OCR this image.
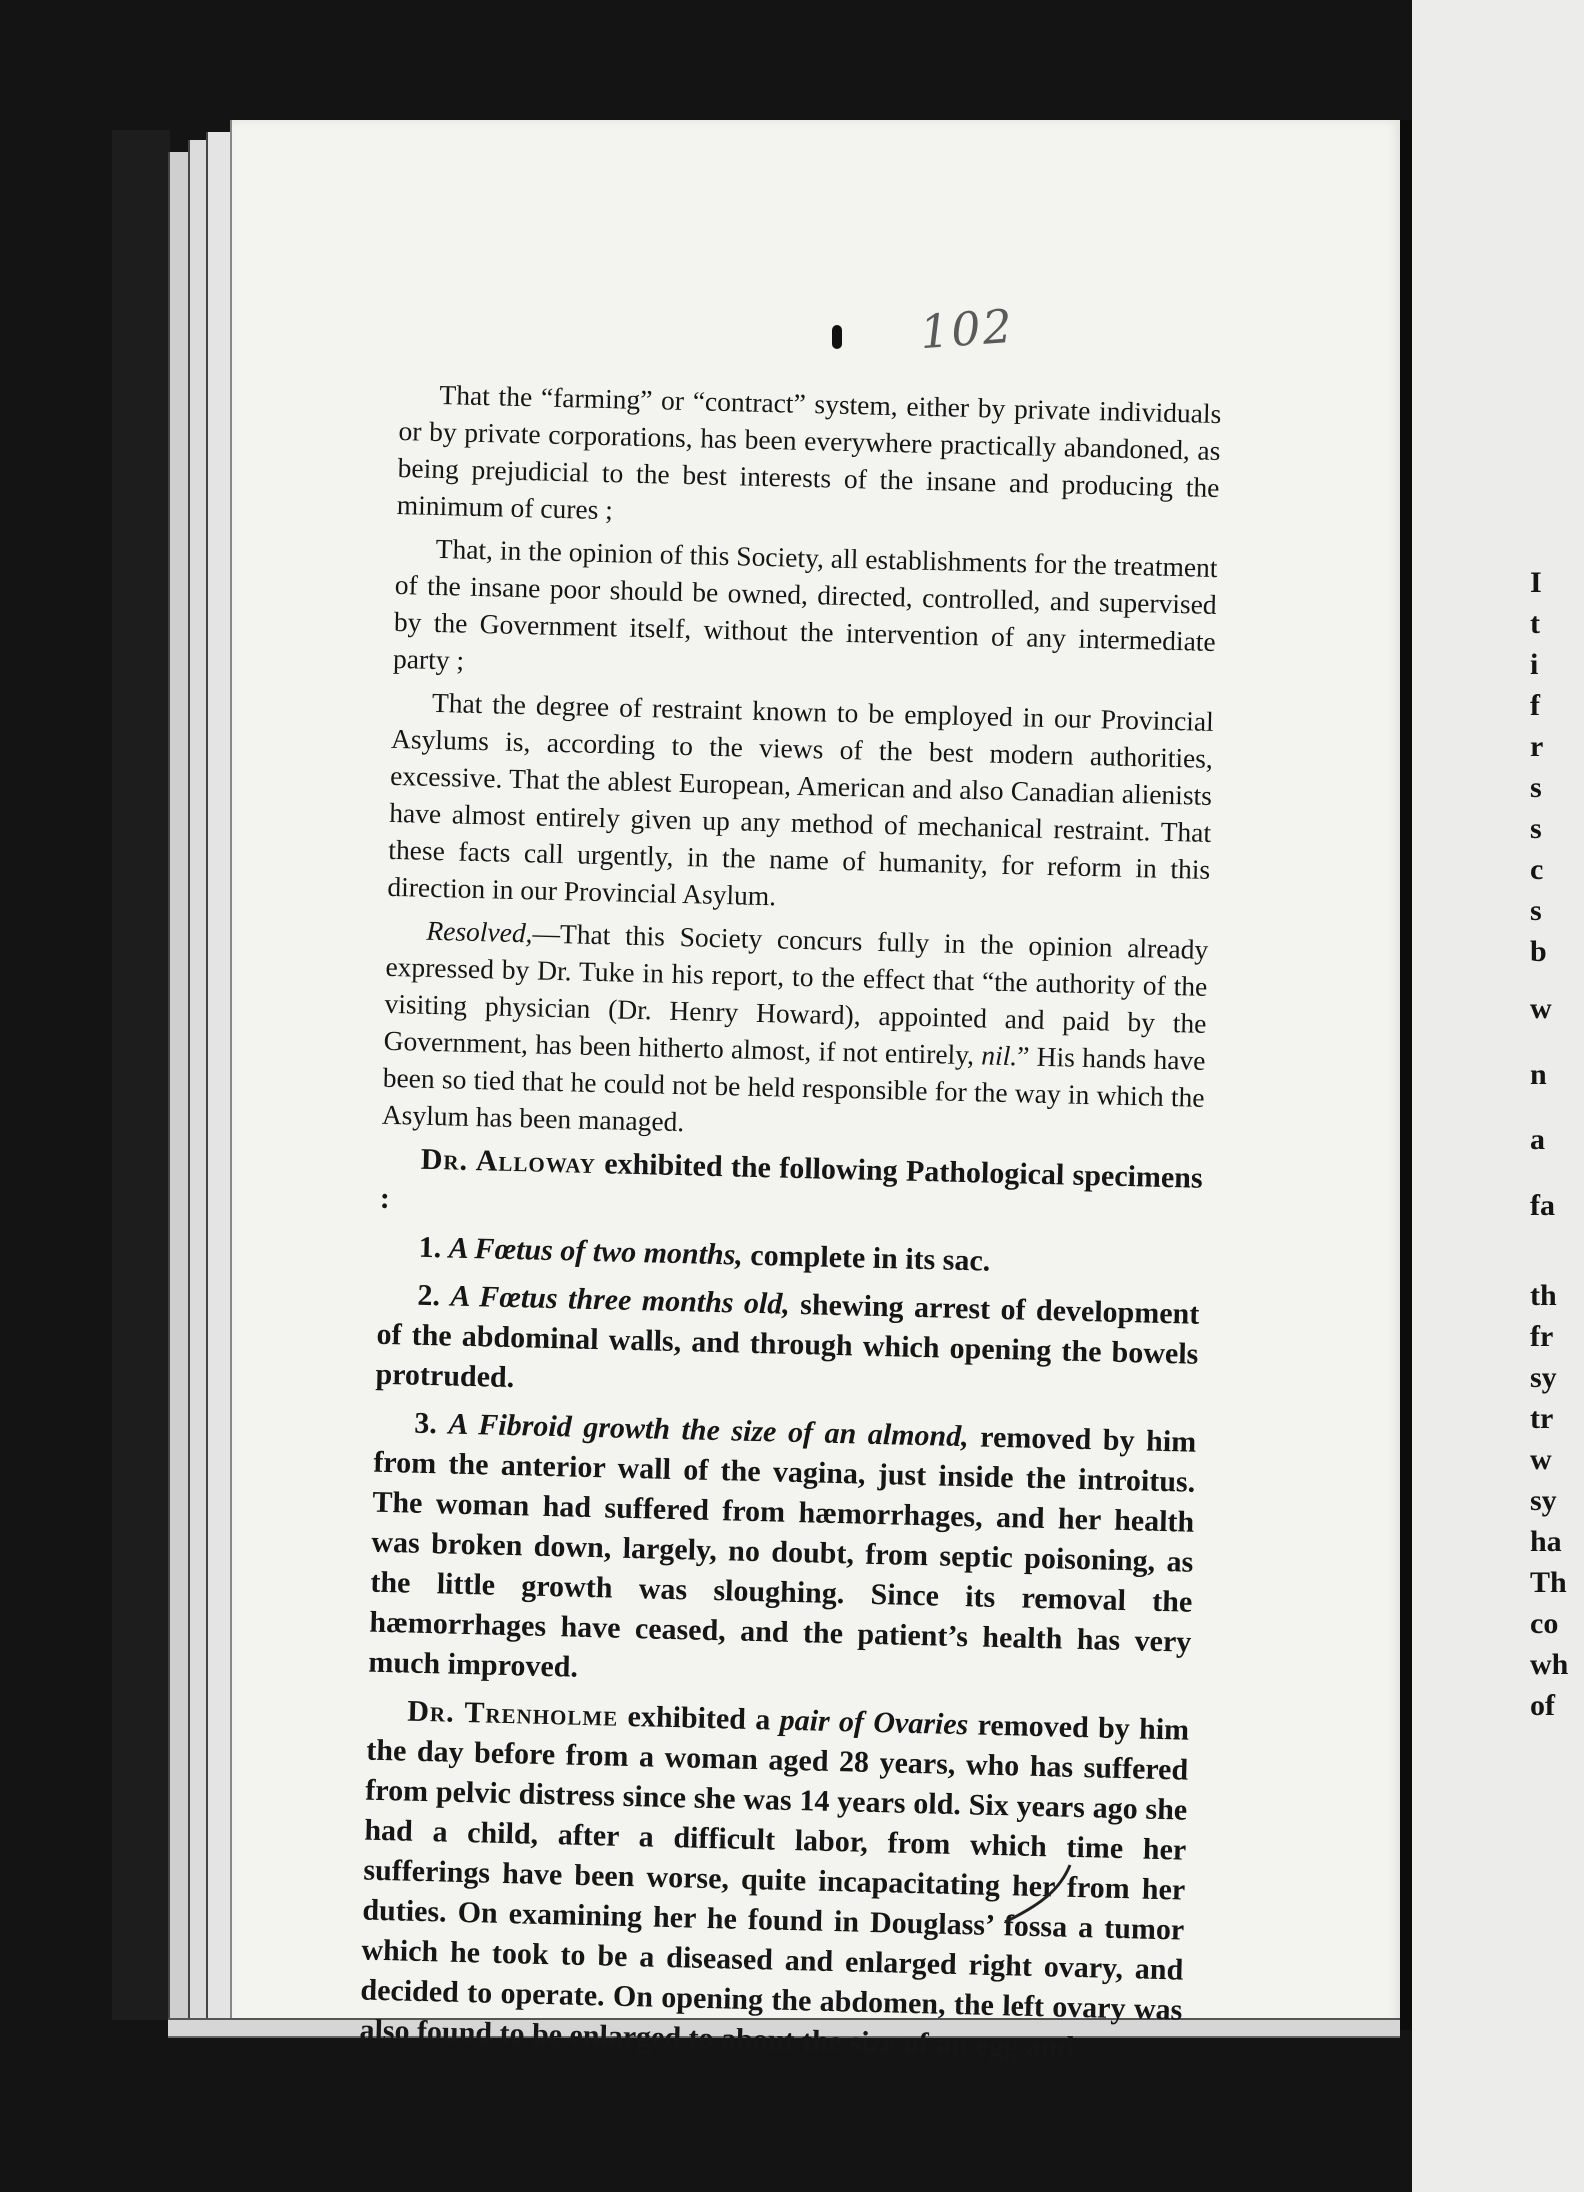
I
t
i
f
r
s
s
c
s
b
w
n
a
fa
th
fr
sy
tr
w
sy
ha
Th
co
wh
of
102

That the “farming” or “contract” system, either by private individuals or by private corporations, has been everywhere practically abandoned, as being prejudicial to the best interests of the insane and producing the minimum of cures ;

That, in the opinion of this Society, all establishments for the treatment of the insane poor should be owned, directed, controlled, and supervised by the Government itself, without the intervention of any intermediate party ;

That the degree of restraint known to be employed in our Provincial Asylums is, according to the views of the best modern authorities, excessive. That the ablest European, American and also Canadian alienists have almost entirely given up any method of mechanical restraint. That these facts call urgently, in the name of humanity, for reform in this direction in our Provincial Asylum.

Resolved,—That this Society concurs fully in the opinion already expressed by Dr. Tuke in his report, to the effect that “the authority of the visiting physician (Dr. Henry Howard), appointed and paid by the Government, has been hitherto almost, if not entirely, nil.” His hands have been so tied that he could not be held responsible for the way in which the Asylum has been managed.

Dr. Alloway exhibited the following Pathological specimens :

1. A Fœtus of two months, complete in its sac.

2. A Fœtus three months old, shewing arrest of development of the abdominal walls, and through which opening the bowels protruded.

3. A Fibroid growth the size of an almond, removed by him from the anterior wall of the vagina, just inside the introitus. The woman had suffered from hæmorrhages, and her health was broken down, largely, no doubt, from septic poisoning, as the little growth was sloughing. Since its removal the hæmorrhages have ceased, and the patient’s health has very much improved.

Dr. Trenholme exhibited a pair of Ovaries removed by him the day before from a woman aged 28 years, who has suffered from pelvic distress since she was 14 years old. Six years ago she had a child, after a difficult labor, from which time her sufferings have been worse, quite incapacitating her from her duties. On examining her he found in Douglass’ fossa a tumor which he took to be a diseased and enlarged right ovary, and decided to operate. On opening the abdomen, the left ovary was also found to be enlarged to about the size of an egg and
